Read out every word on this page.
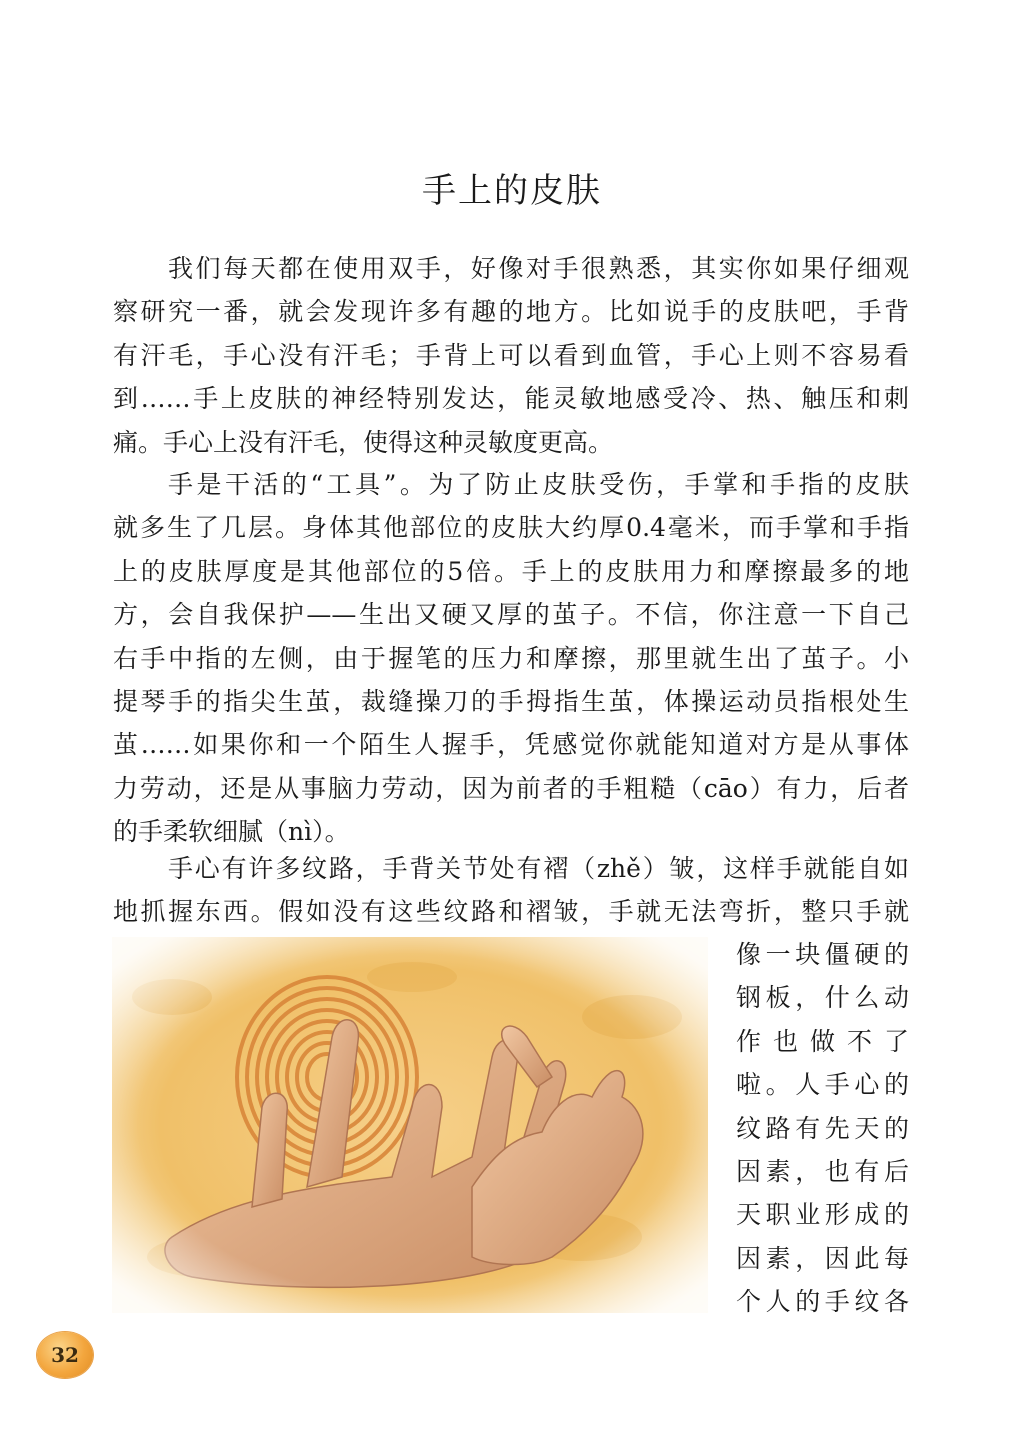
手上的皮肤
我们每天都在使用双手，好像对手很熟悉，其实你如果仔细观
察研究一番，就会发现许多有趣的地方。比如说手的皮肤吧，手背
有汗毛，手心没有汗毛；手背上可以看到血管，手心上则不容易看
到……手上皮肤的神经特别发达，能灵敏地感受冷、热、触压和刺
痛。手心上没有汗毛，使得这种灵敏度更高。
手是干活的“工具”。为了防止皮肤受伤，手掌和手指的皮肤
就多生了几层。身体其他部位的皮肤大约厚0.4毫米，而手掌和手指
上的皮肤厚度是其他部位的5倍。手上的皮肤用力和摩擦最多的地
方，会自我保护——生出又硬又厚的茧子。不信，你注意一下自己
右手中指的左侧，由于握笔的压力和摩擦，那里就生出了茧子。小
提琴手的指尖生茧，裁缝操刀的手拇指生茧，体操运动员指根处生
茧……如果你和一个陌生人握手，凭感觉你就能知道对方是从事体
力劳动，还是从事脑力劳动，因为前者的手粗糙（cāo）有力，后者
的手柔软细腻（nì）。
手心有许多纹路，手背关节处有褶（zhě）皱，这样手就能自如
地抓握东西。假如没有这些纹路和褶皱，手就无法弯折，整只手就
像一块僵硬的
钢板，什么动
作也做不了
啦。人手心的
纹路有先天的
因素，也有后
天职业形成的
因素，因此每
个人的手纹各
32
